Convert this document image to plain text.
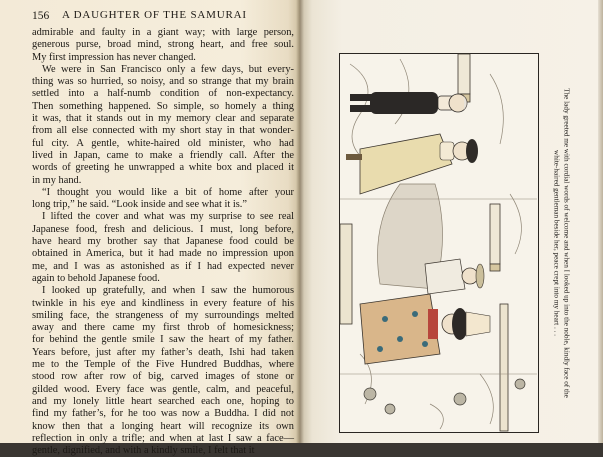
156 A DAUGHTER OF THE SAMURAI
admirable and faulty in a giant way; with large person,
generous purse, broad mind, strong heart, and free soul.
My first impression has never changed.
We were in San Francisco only a few days, but every-
thing was so hurried, so noisy, and so strange that my brain
settled into a half-numb condition of non-expectancy.
Then something happened. So simple, so homely a thing
it was, that it stands out in my memory clear and separate
from all else connected with my short stay in that wonder-
ful city. A gentle, white-haired old minister, who had
lived in Japan, came to make a friendly call. After the
words of greeting he unwrapped a white box and placed it
in my hand.
“I thought you would like a bit of home after your
long trip,” he said. “Look inside and see what it is.”
I lifted the cover and what was my surprise to see real
Japanese food, fresh and delicious. I must, long before,
have heard my brother say that Japanese food could be
obtained in America, but it had made no impression upon
me, and I was as astonished as if I had expected never
again to behold Japanese food.
I looked up gratefully, and when I saw the humorous
twinkle in his eye and kindliness in every feature of his
smiling face, the strangeness of my surroundings melted
away and there came my first throb of homesickness;
for behind the gentle smile I saw the heart of my father.
Years before, just after my father’s death, Ishi had taken
me to the Temple of the Five Hundred Buddhas, where
stood row after row of big, carved images of stone or
gilded wood. Every face was gentle, calm, and peaceful,
and my lonely little heart searched each one, hoping to
find my father’s, for he too was now a Buddha. I did not
know then that a longing heart will recognize its own
reflection in only a trifle; and when at last I saw a face—
gentle, dignified, and with a kindly smile, I felt that it
The lady greeted me with cordial words of welcome and when I looked up into the noble, kindly face of the
white-haired gentleman beside her, peace crept into my heart . . .
